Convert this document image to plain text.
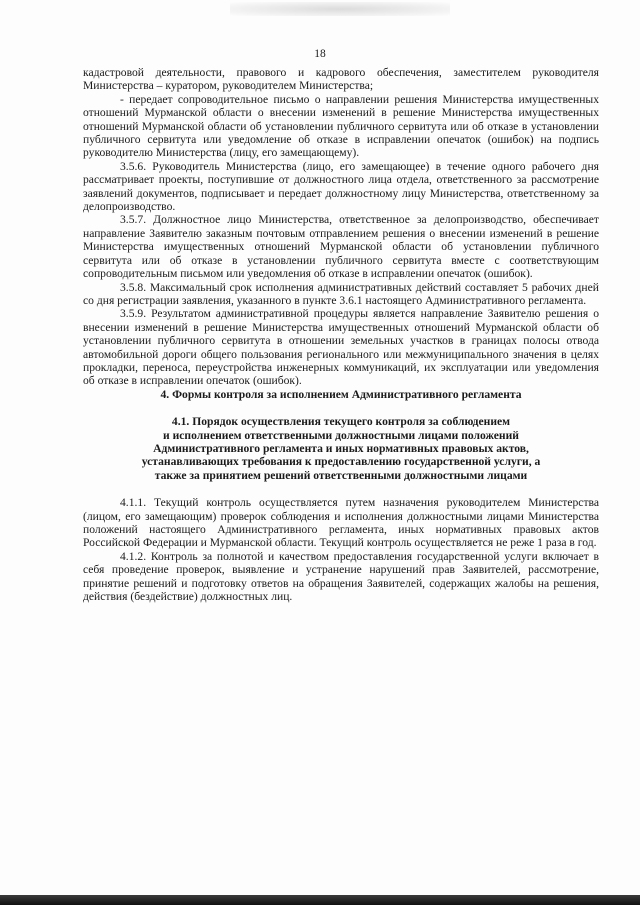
18

кадастровой деятельности, правового и кадрового обеспечения, заместителем руководителя Министерства – куратором, руководителем Министерства;

- передает сопроводительное письмо о направлении решения Министерства имущественных отношений Мурманской области о внесении изменений в решение Министерства имущественных отношений Мурманской области об установлении публичного сервитута или об отказе в установлении публичного сервитута или уведомление об отказе в исправлении опечаток (ошибок) на подпись руководителю Министерства (лицу, его замещающему).

3.5.6. Руководитель Министерства (лицо, его замещающее) в течение одного рабочего дня рассматривает проекты, поступившие от должностного лица отдела, ответственного за рассмотрение заявлений документов, подписывает и передает должностному лицу Министерства, ответственному за делопроизводство.

3.5.7. Должностное лицо Министерства, ответственное за делопроизводство, обеспечивает направление Заявителю заказным почтовым отправлением решения о внесении изменений в решение Министерства имущественных отношений Мурманской области об установлении публичного сервитута или об отказе в установлении публичного сервитута вместе с соответствующим сопроводительным письмом или уведомления об отказе в исправлении опечаток (ошибок).

3.5.8. Максимальный срок исполнения административных действий составляет 5 рабочих дней со дня регистрации заявления, указанного в пункте 3.6.1 настоящего Административного регламента.

3.5.9. Результатом административной процедуры является направление Заявителю решения о внесении изменений в решение Министерства имущественных отношений Мурманской области об установлении публичного сервитута в отношении земельных участков в границах полосы отвода автомобильной дороги общего пользования регионального или межмуниципального значения в целях прокладки, переноса, переустройства инженерных коммуникаций, их эксплуатации или уведомления об отказе в исправлении опечаток (ошибок).

4. Формы контроля за исполнением Административного регламента

4.1. Порядок осуществления текущего контроля за соблюдением
и исполнением ответственными должностными лицами положений
Административного регламента и иных нормативных правовых актов,
устанавливающих требования к предоставлению государственной услуги, а
также за принятием решений ответственными должностными лицами

4.1.1. Текущий контроль осуществляется путем назначения руководителем Министерства (лицом, его замещающим) проверок соблюдения и исполнения должностными лицами Министерства положений настоящего Административного регламента, иных нормативных правовых актов Российской Федерации и Мурманской области. Текущий контроль осуществляется не реже 1 раза в год.

4.1.2. Контроль за полнотой и качеством предоставления государственной услуги включает в себя проведение проверок, выявление и устранение нарушений прав Заявителей, рассмотрение, принятие решений и подготовку ответов на обращения Заявителей, содержащих жалобы на решения, действия (бездействие) должностных лиц.
